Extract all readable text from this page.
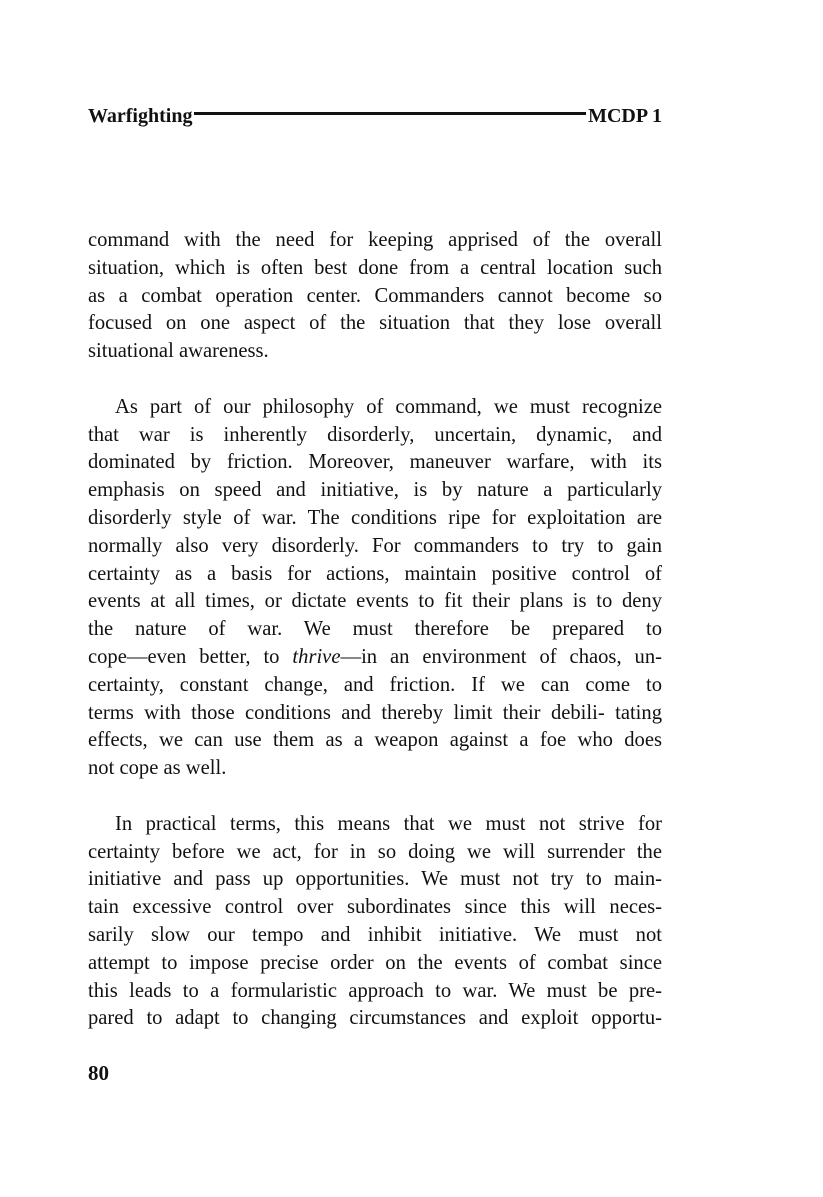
Warfighting	MCDP 1
command with the need for keeping apprised of the overall
situation, which is often best done from a central location such
as a combat operation center. Commanders cannot become so
focused on one aspect of the situation that they lose overall
situational awareness.
As part of our philosophy of command, we must recognize
that war is inherently disorderly, uncertain, dynamic, and
dominated by friction. Moreover, maneuver warfare, with its
emphasis on speed and initiative, is by nature a particularly
disorderly style of war. The conditions ripe for exploitation are
normally also very disorderly. For commanders to try to gain
certainty as a basis for actions, maintain positive control of
events at all times, or dictate events to fit their plans is to deny
the nature of war. We must therefore be prepared to
cope—even better, to thrive—in an environment of chaos, un-
certainty, constant change, and friction. If we can come to
terms with those conditions and thereby limit their debili- tating
effects, we can use them as a weapon against a foe who does
not cope as well.
In practical terms, this means that we must not strive for
certainty before we act, for in so doing we will surrender the
initiative and pass up opportunities. We must not try to main-
tain excessive control over subordinates since this will neces-
sarily slow our tempo and inhibit initiative. We must not
attempt to impose precise order on the events of combat since
this leads to a formularistic approach to war. We must be pre-
pared to adapt to changing circumstances and exploit opportu-
80
